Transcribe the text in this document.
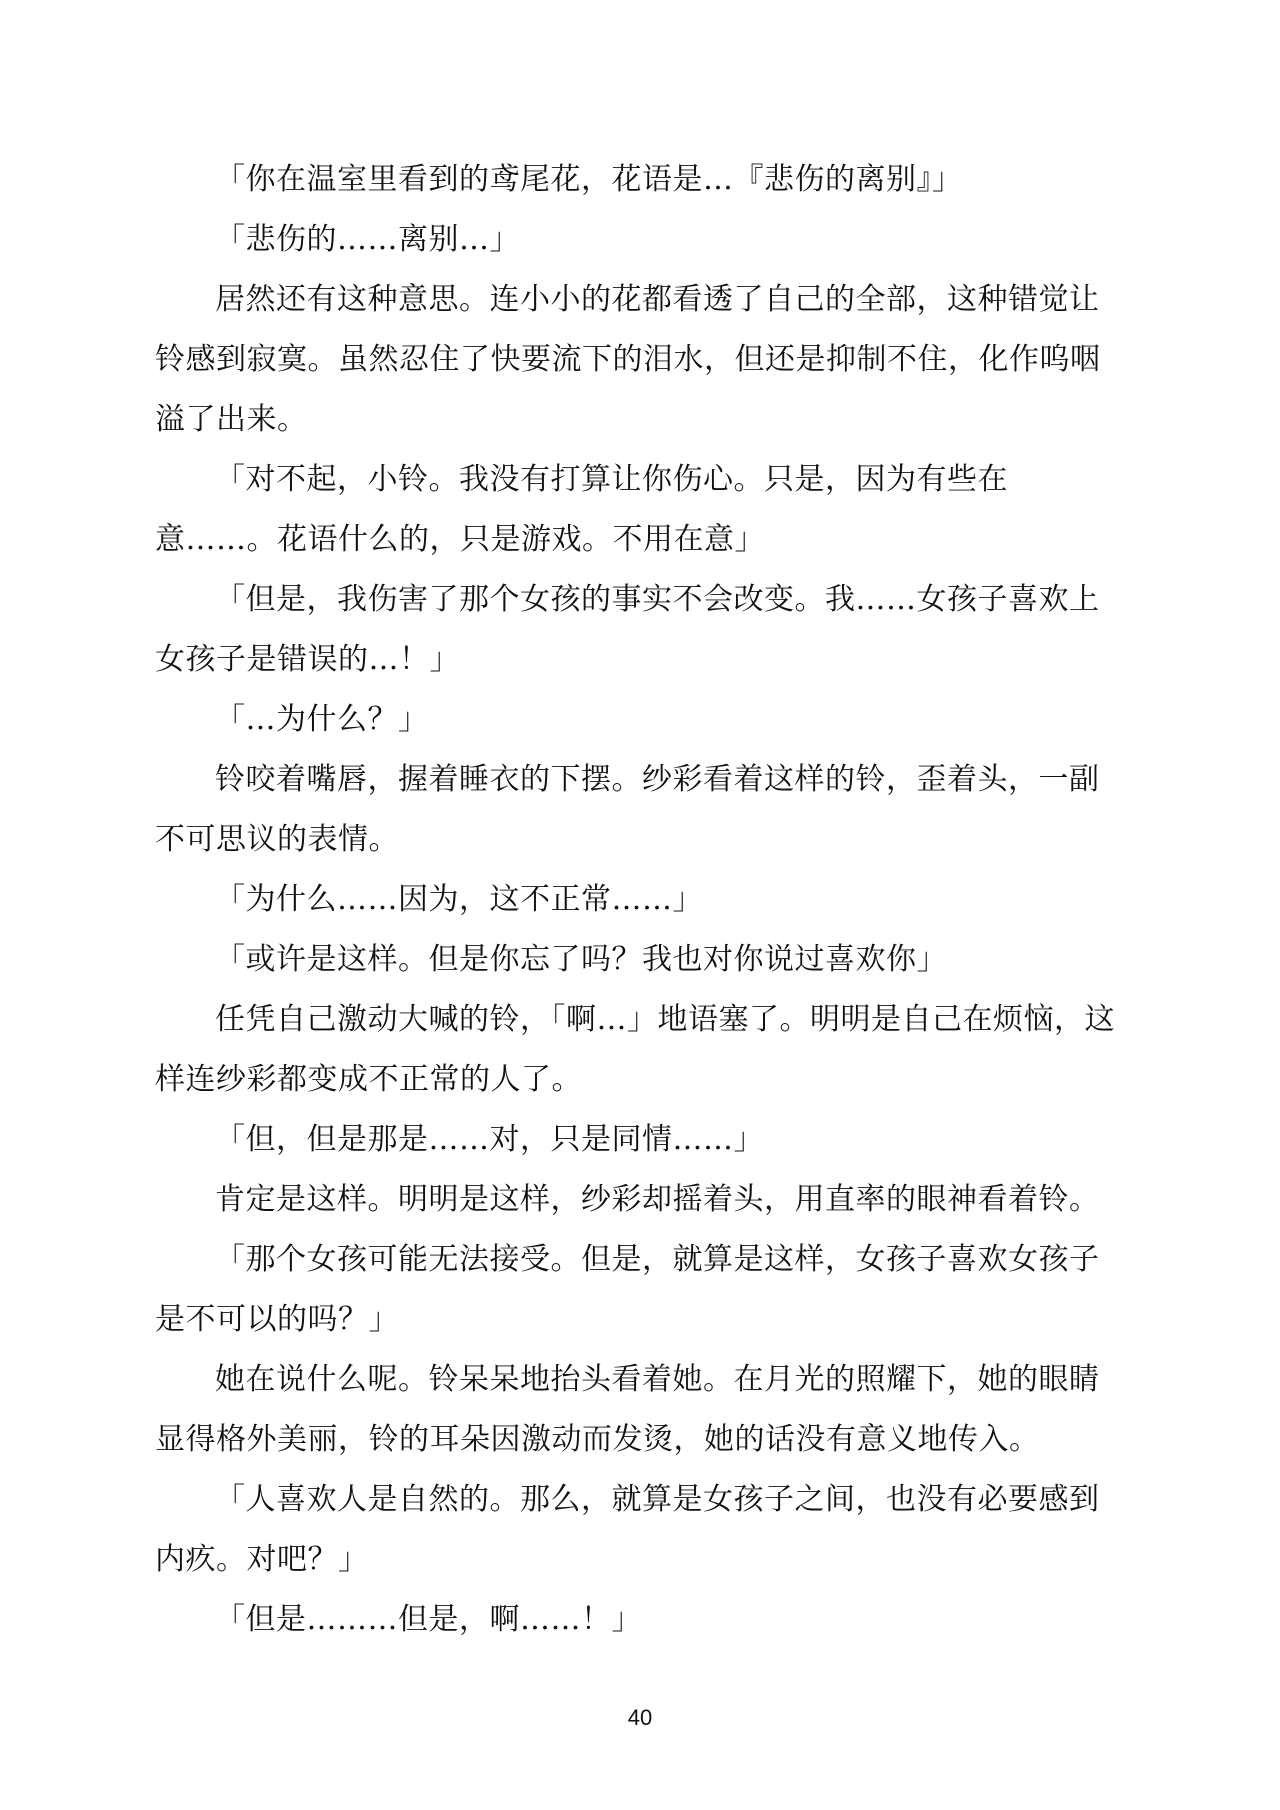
「你在温室里看到的鸢尾花，花语是…『悲伤的离别』」

「悲伤的……离别…」

居然还有这种意思。连小小的花都看透了自己的全部，这种错觉让铃感到寂寞。虽然忍住了快要流下的泪水，但还是抑制不住，化作呜咽溢了出来。

「对不起，小铃。我没有打算让你伤心。只是，因为有些在意……。花语什么的，只是游戏。不用在意」

「但是，我伤害了那个女孩的事实不会改变。我……女孩子喜欢上女孩子是错误的…！」

「…为什么？」

铃咬着嘴唇，握着睡衣的下摆。纱彩看着这样的铃，歪着头，一副不可思议的表情。

「为什么……因为，这不正常……」

「或许是这样。但是你忘了吗？我也对你说过喜欢你」

任凭自己激动大喊的铃，「啊…」地语塞了。明明是自己在烦恼，这样连纱彩都变成不正常的人了。

「但，但是那是……对，只是同情……」

肯定是这样。明明是这样，纱彩却摇着头，用直率的眼神看着铃。

「那个女孩可能无法接受。但是，就算是这样，女孩子喜欢女孩子是不可以的吗？」

她在说什么呢。铃呆呆地抬头看着她。在月光的照耀下，她的眼睛显得格外美丽，铃的耳朵因激动而发烫，她的话没有意义地传入。

「人喜欢人是自然的。那么，就算是女孩子之间，也没有必要感到内疚。对吧？」

「但是………但是，啊……！」

40
